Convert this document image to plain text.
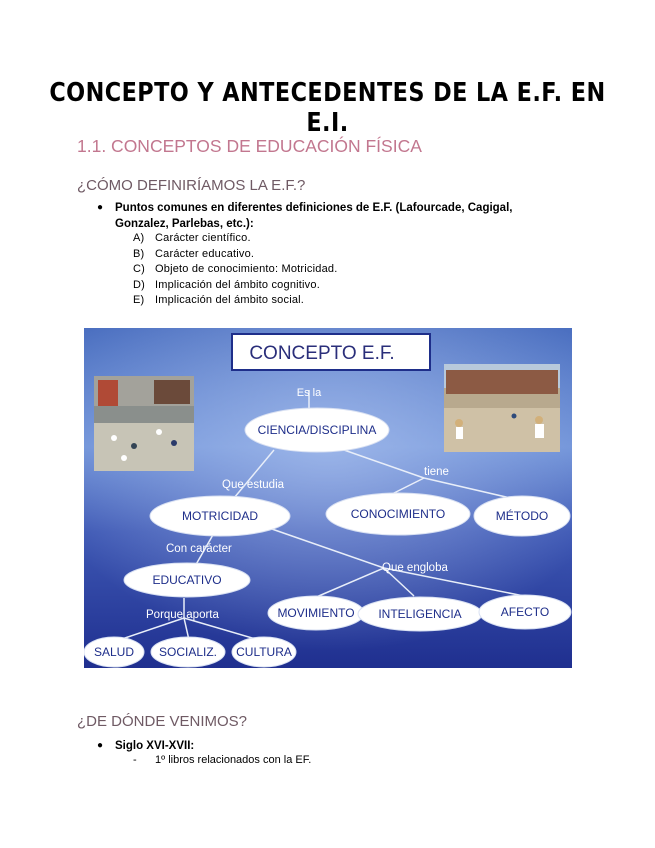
CONCEPTO Y ANTECEDENTES DE LA E.F. EN E.I.
1.1. CONCEPTOS DE EDUCACIÓN FÍSICA
¿CÓMO DEFINIRÍAMOS LA E.F.?
● Puntos comunes en diferentes definiciones de E.F. (Lafourcade, Cagigal,
Gonzalez, Parlebas, etc.):
A) Carácter científico.
B) Carácter educativo.
C) Objeto de conocimiento: Motricidad.
D) Implicación del ámbito cognitivo.
E) Implicación del ámbito social.
CONCEPTO E.F.
Es la
CIENCIA/DISCIPLINA
MOTRICIDAD	CONOCIMIENTO	MÉTODO
EDUCATIVO
MOVIMIENTO INTELIGENCIA	AFECTO
SALUD SOCIALIZ. CULTURA
Que estudia
tiene
Con carácter
Que engloba
Porque aporta
¿DE DÓNDE VENIMOS?
● Siglo XVI-XVII:
- 1º libros relacionados con la EF.
